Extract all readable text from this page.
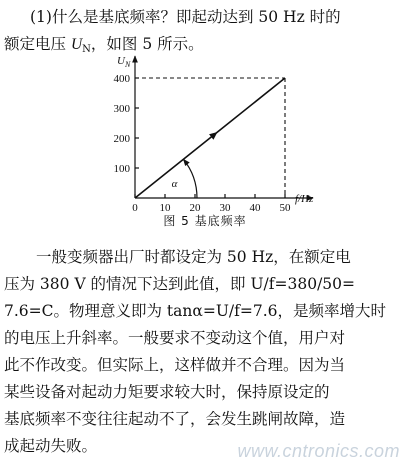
(1)什么是基底频率？即起动达到 50 Hz 时的
额定电压 $U_N$，如图 5 所示。
0 10 20 30 40 50
100
200
300
400
α
$U_N$
f/Hz
图 5 基底频率
一般变频器出厂时都设定为 50 Hz，在额定电
压为 380 V 的情况下达到此值，即 U/f=380/50=
7.6=C。物理意义即为 tanα=U/f=7.6，是频率增大时
的电压上升斜率。一般要求不变动这个值，用户对
此不作改变。但实际上，这样做并不合理。因为当
某些设备对起动力矩要求较大时，保持原设定的
基底频率不变往往起动不了，会发生跳闸故障，造
成起动失败。	www.cntronics.com
